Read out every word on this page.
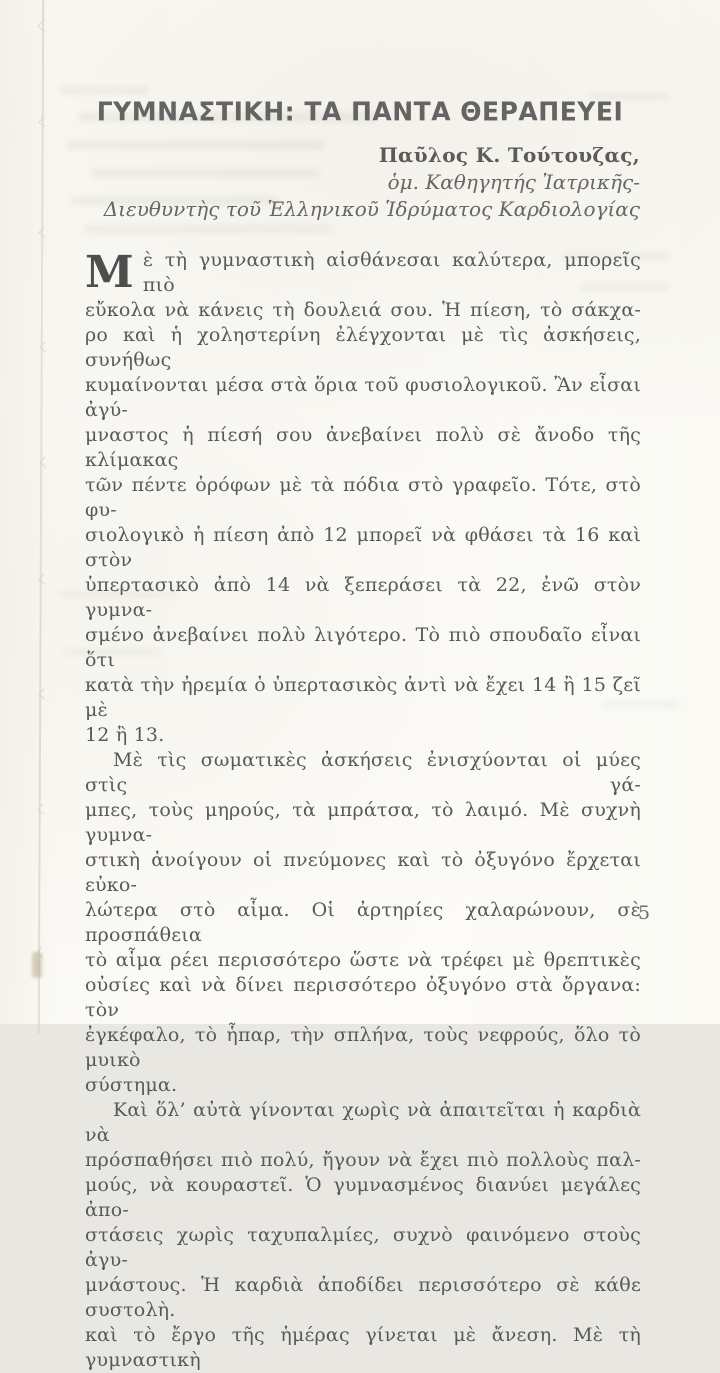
ΓΥΜΝΑΣΤΙΚΗ: ΤΑ ΠΑΝΤΑ ΘΕΡΑΠΕΥΕΙ
Παῦλος Κ. Τούτουζας,
ὁμ. Καθηγητής Ἰατρικῆς-
Διευθυντὴς τοῦ Ἑλληνικοῦ Ἱδρύματος Καρδιολογίας
Μ ὲ τὴ γυμναστικὴ αἰσθάνεσαι καλύτερα, μπορεῖς πιὸ
εὔκολα νὰ κάνεις τὴ δουλειά σου. Ἡ πίεση, τὸ σάκχα-
ρο καὶ ἡ χοληστερίνη ἐλέγχονται μὲ τὶς ἀσκήσεις, συνήθως
κυμαίνονται μέσα στὰ ὅρια τοῦ φυσιολογικοῦ. Ἂν εἶσαι ἀγύ-
μναστος ἡ πίεσή σου ἀνεβαίνει πολὺ σὲ ἄνοδο τῆς κλίμακας
τῶν πέντε ὀρόφων μὲ τὰ πόδια στὸ γραφεῖο. Τότε, στὸ φυ-
σιολογικὸ ἡ πίεση ἀπὸ 12 μπορεῖ νὰ φθάσει τὰ 16 καὶ στὸν
ὑπερτασικὸ ἀπὸ 14 νὰ ξεπεράσει τὰ 22, ἐνῶ στὸν γυμνα-
σμένο ἀνεβαίνει πολὺ λιγότερο. Τὸ πιὸ σπουδαῖο εἶναι ὅτι
κατὰ τὴν ἠρεμία ὁ ὑπερτασικὸς ἀντὶ νὰ ἔχει 14 ἢ 15 ζεῖ μὲ
12 ἢ 13.
Μὲ τὶς σωματικὲς ἀσκήσεις ἐνισχύονται οἱ μύες στὶς γά-
μπες, τοὺς μηρούς, τὰ μπράτσα, τὸ λαιμό. Μὲ συχνὴ γυμνα-
στικὴ ἀνοίγουν οἱ πνεύμονες καὶ τὸ ὀξυγόνο ἔρχεται εὐκο-
λώτερα στὸ αἷμα. Οἱ ἀρτηρίες χαλαρώνουν, σὲ προσπάθεια
τὸ αἷμα ρέει περισσότερο ὥστε νὰ τρέφει μὲ θρεπτικὲς
οὐσίες καὶ νὰ δίνει περισσότερο ὀξυγόνο στὰ ὄργανα: τὸν
ἐγκέφαλο, τὸ ἧπαρ, τὴν σπλήνα, τοὺς νεφρούς, ὅλο τὸ μυικὸ
σύστημα.
Καὶ ὅλ’ αὐτὰ γίνονται χωρὶς νὰ ἀπαιτεῖται ἡ καρδιὰ νὰ
πρόσπαθήσει πιὸ πολύ, ἤγουν νὰ ἔχει πιὸ πολλοὺς παλ-
μούς, νὰ κουραστεῖ. Ὁ γυμνασμένος διανύει μεγάλες ἀπο-
στάσεις χωρὶς ταχυπαλμίες, συχνὸ φαινόμενο στοὺς ἀγυ-
μνάστους. Ἡ καρδιὰ ἀποδίδει περισσότερο σὲ κάθε συστολὴ.
καὶ τὸ ἔργο τῆς ἡμέρας γίνεται μὲ ἄνεση. Μὲ τὴ γυμναστικὴ
5
